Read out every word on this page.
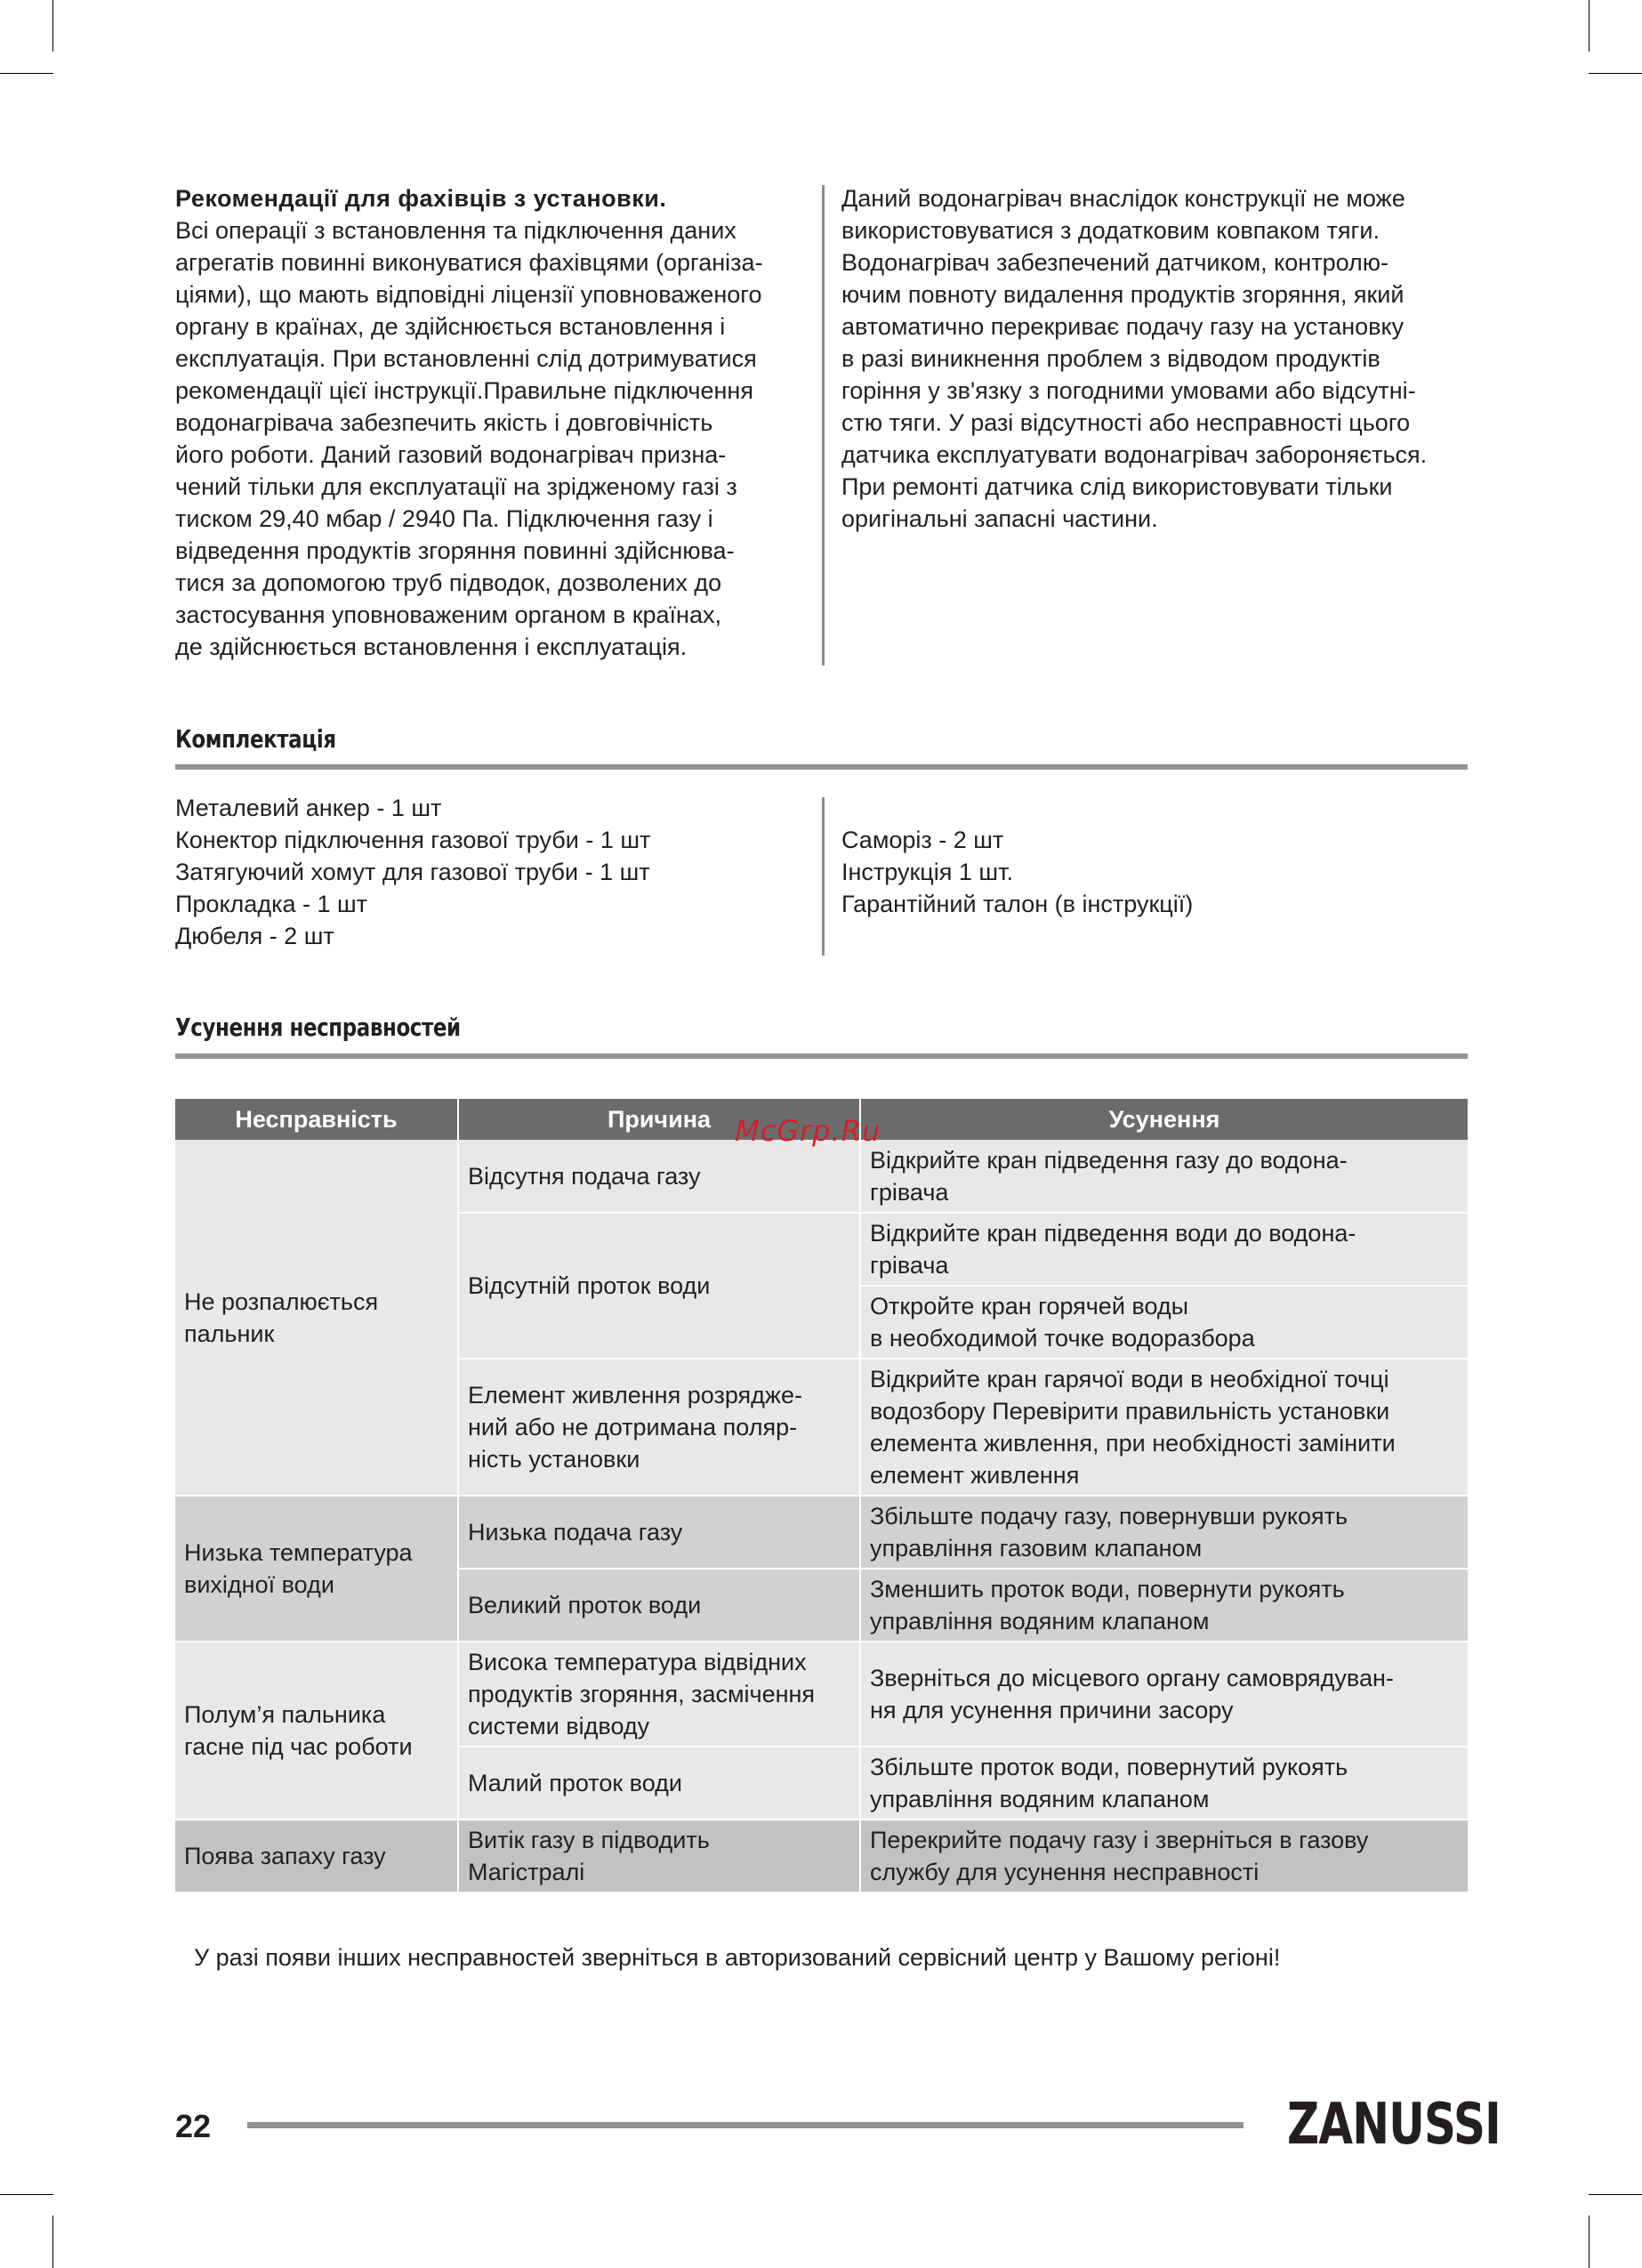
Рекомендації для фахівців з установки.
Всі операції з встановлення та підключення даних
агрегатів повинні виконуватися фахівцями (організа-
ціями), що мають відповідні ліцензії уповноваженого
органу в країнах, де здійснюється встановлення і
експлуатація. При встановленні слід дотримуватися
рекомендації цієї інструкції.Правильне підключення
водонагрівача забезпечить якість і довговічність
його роботи. Даний газовий водонагрівач призна-
чений тільки для експлуатації на зрідженому газі з
тиском 29,40 мбар / 2940 Па. Підключення газу і
відведення продуктів згоряння повинні здійснюва-
тися за допомогою труб підводок, дозволених до
застосування уповноваженим органом в країнах,
де здійснюється встановлення і експлуатація.
Даний водонагрівач внаслідок конструкції не може
використовуватися з додатковим ковпаком тяги.
Водонагрівач забезпечений датчиком, контролю-
ючим повноту видалення продуктів згоряння, який
автоматично перекриває подачу газу на установку
в разі виникнення проблем з відводом продуктів
горіння у зв'язку з погодними умовами або відсутні-
стю тяги. У разі відсутності або несправності цього
датчика експлуатувати водонагрівач забороняється.
При ремонті датчика слід використовувати тільки
оригінальні запасні частини.
Комплектація
Металевий анкер - 1 шт
Конектор підключення газової труби - 1 шт
Затягуючий хомут для газової труби - 1 шт
Прокладка - 1 шт
Дюбеля - 2 шт
Саморіз - 2 шт
Інструкція 1 шт.
Гарантійний талон (в інструкції)
Усунення несправностей
Несправність	Причина	Усунення

Не розпалюється
пальник	Відсутня подача газу	Відкрийте кран підведення газу до водона-
грівача

	Відсутній проток води	Відкрийте кран підведення води до водона-
грівача

		Откройте кран горячей воды
в необходимой точке водоразбора

	Елемент живлення розрядже-
ний або не дотримана поляр-
ність установки	Відкрийте кран гарячої води в необхідної точці
водозбору Перевірити правильність установки
елемента живлення, при необхідності замінити
елемент живлення

Низька температура
вихідної води	Низька подача газу	Збільште подачу газу, повернувши рукоять
управління газовим клапаном

	Великий проток води	Зменшить проток води, повернути рукоять
управління водяним клапаном

Полум’я пальника
гасне під час роботи	Висока температура відвідних
продуктів згоряння, засмічення
системи відводу	Зверніться до місцевого органу самоврядуван-
ня для усунення причини засору

	Малий проток води	Збільште проток води, повернутий рукоять
управління водяним клапаном

Поява запаху газу	Витік газу в підводить
Магістралі	Перекрийте подачу газу і зверніться в газову
службу для усунення несправності
McGrp.Ru
У разі появи інших несправностей зверніться в авторизований сервісний центр у Вашому регіоні!
22	ZANUSSI
